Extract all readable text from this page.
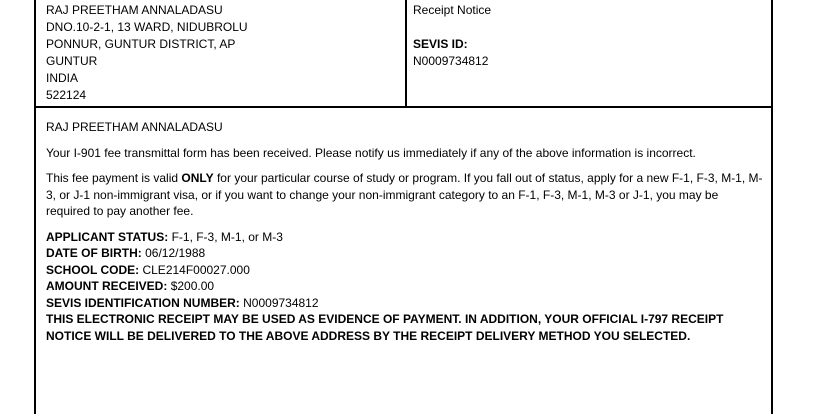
RAJ PREETHAM ANNALADASU
DNO.10-2-1, 13 WARD, NIDUBROLU
PONNUR, GUNTUR DISTRICT, AP
GUNTUR
INDIA
522124
Receipt Notice
SEVIS ID:
N0009734812

RAJ PREETHAM ANNALADASU

Your I-901 fee transmittal form has been received. Please notify us immediately if any of the above information is incorrect.

This fee payment is valid ONLY for your particular course of study or program. If you fall out of status, apply for a new F-1, F-3, M-1, M-3, or J-1 non-immigrant visa, or if you want to change your non-immigrant category to an F-1, F-3, M-1, M-3 or J-1, you may be required to pay another fee.

APPLICANT STATUS: F-1, F-3, M-1, or M-3
DATE OF BIRTH: 06/12/1988
SCHOOL CODE: CLE214F00027.000
AMOUNT RECEIVED: $200.00
SEVIS IDENTIFICATION NUMBER: N0009734812

THIS ELECTRONIC RECEIPT MAY BE USED AS EVIDENCE OF PAYMENT. IN ADDITION, YOUR OFFICIAL I-797 RECEIPT NOTICE WILL BE DELIVERED TO THE ABOVE ADDRESS BY THE RECEIPT DELIVERY METHOD YOU SELECTED.
